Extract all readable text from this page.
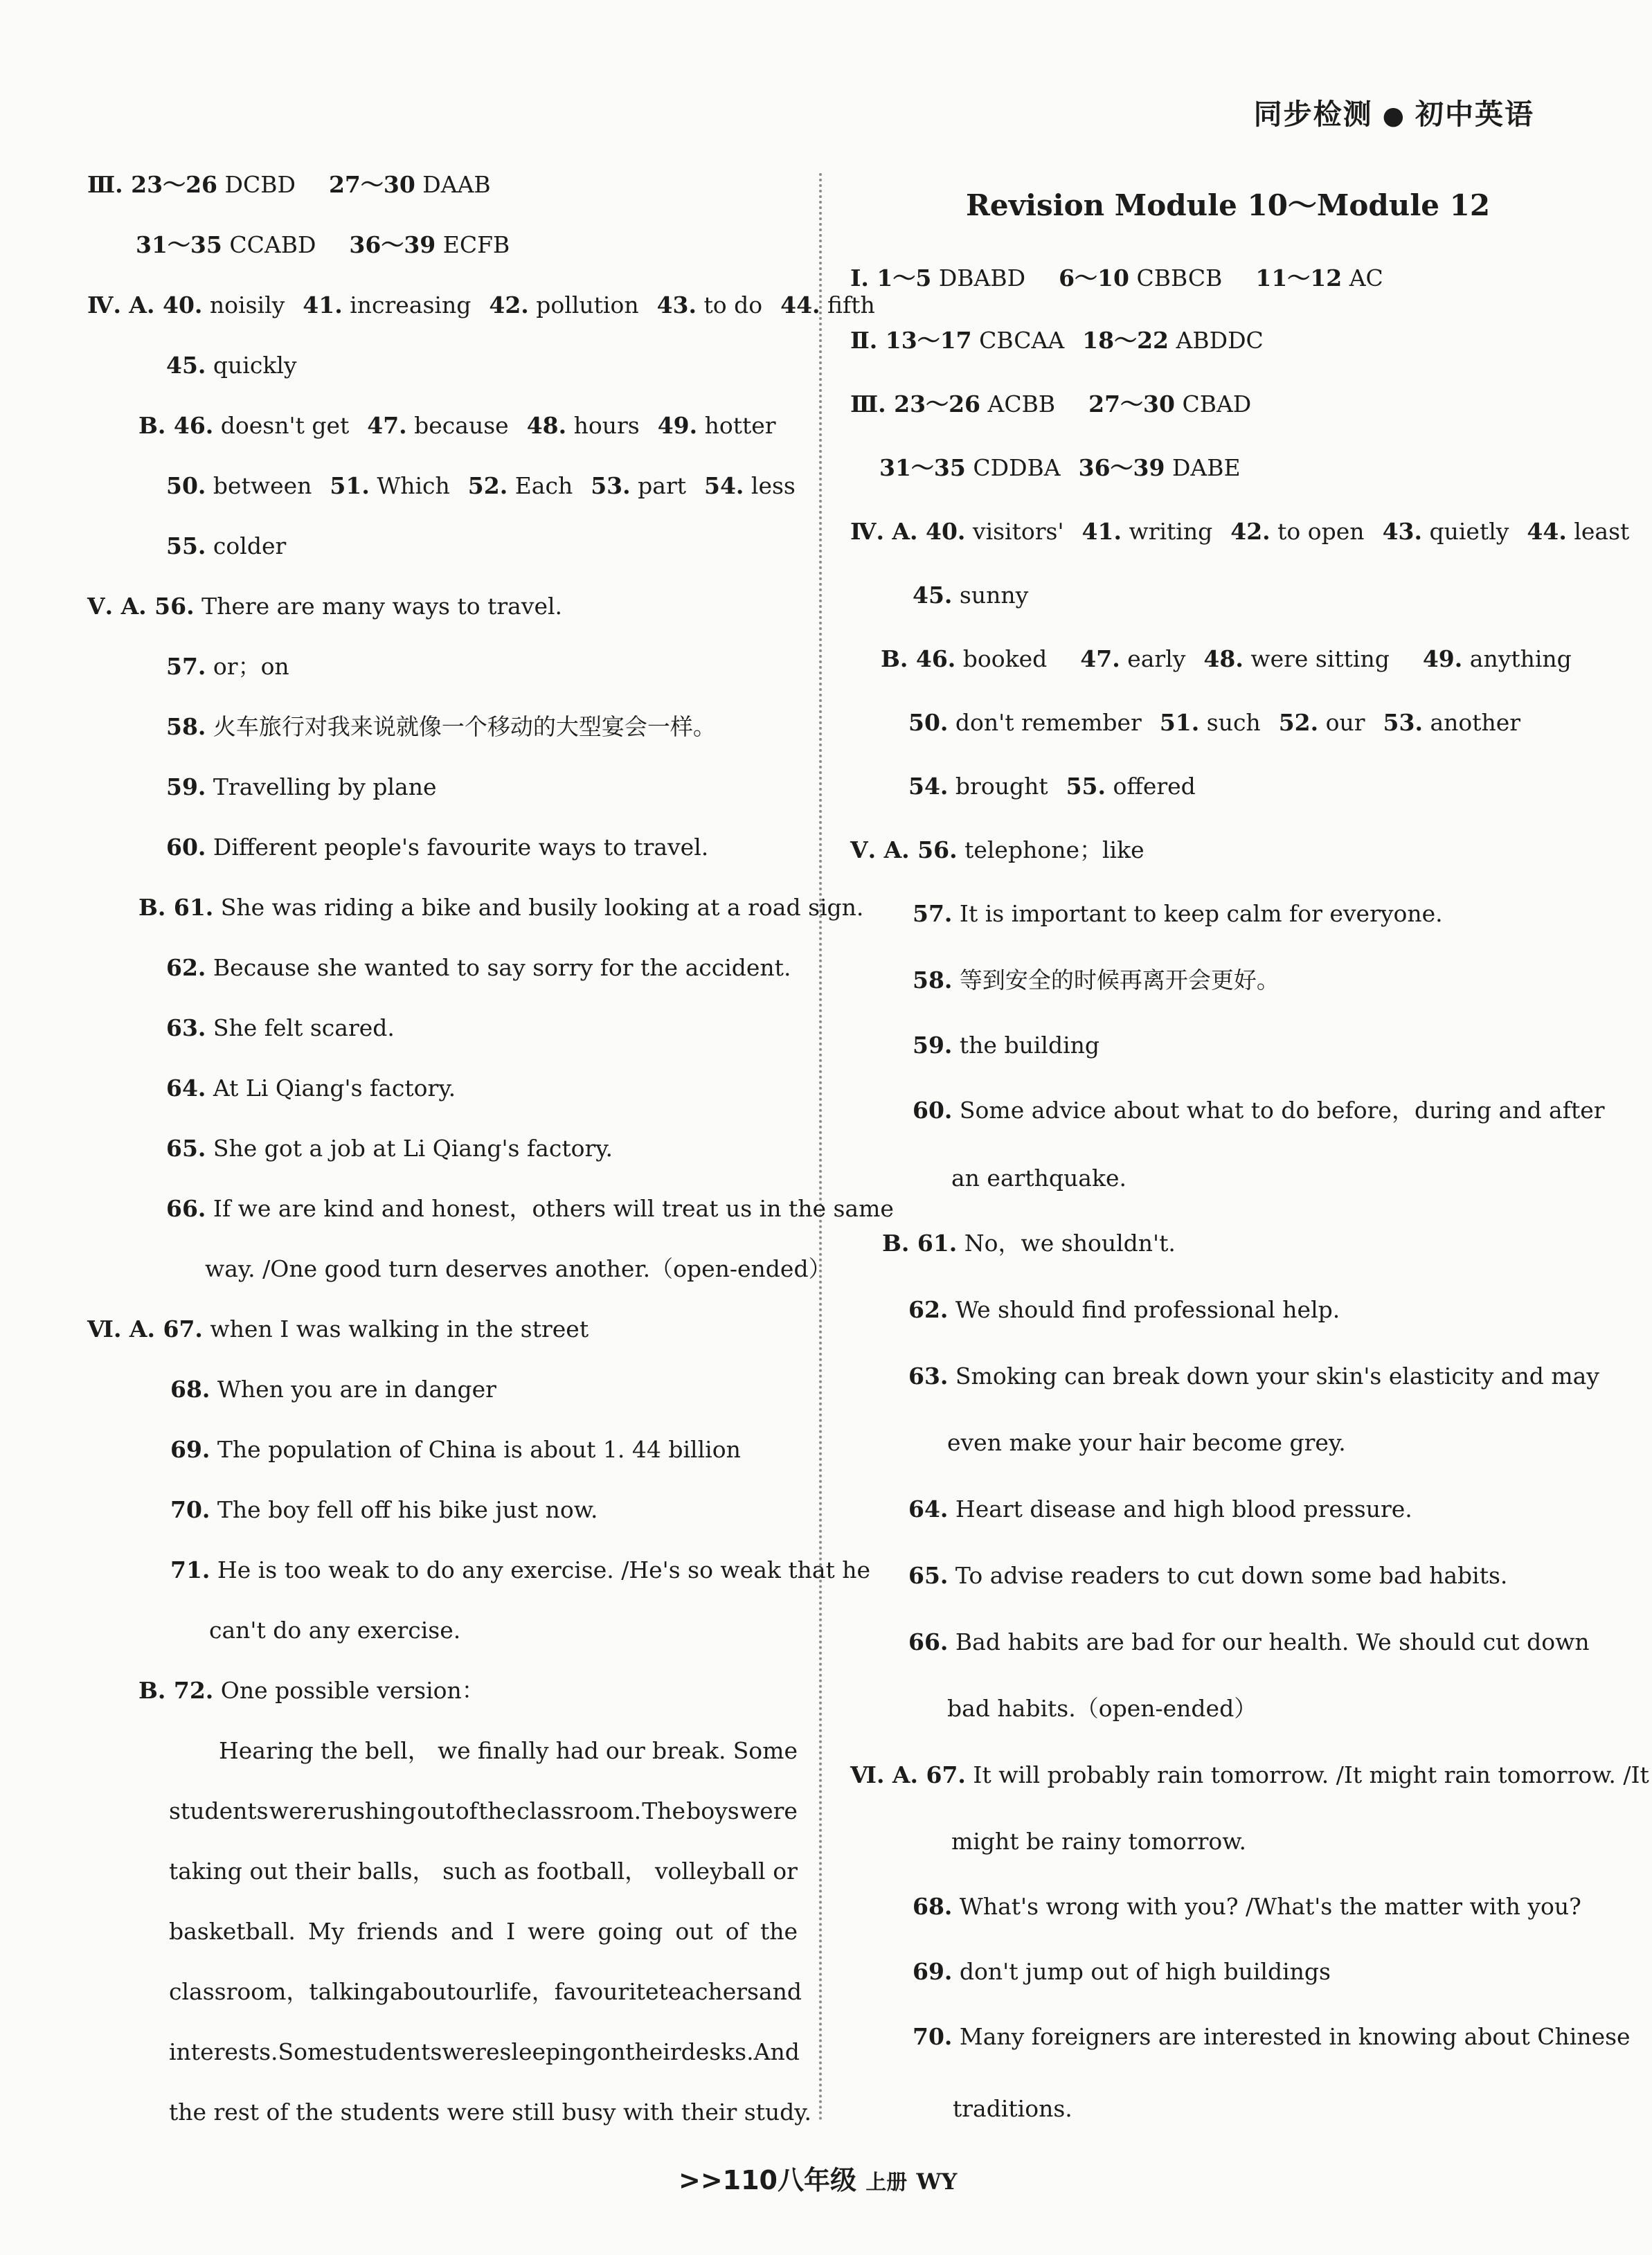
同步检测 ● 初中英语
Ⅲ. 23～26 DCBD 27～30 DAAB
31～35 CCABD 36～39 ECFB
Ⅳ. A. 40. noisily 41. increasing 42. pollution 43. to do 44. fifth
45. quickly
B. 46. doesn't get 47. because 48. hours 49. hotter
50. between 51. Which 52. Each 53. part 54. less
55. colder
Ⅴ. A. 56. There are many ways to travel.
57. or；on
58. 火车旅行对我来说就像一个移动的大型宴会一样。
59. Travelling by plane
60. Different people's favourite ways to travel.
B. 61. She was riding a bike and busily looking at a road sign.
62. Because she wanted to say sorry for the accident.
63. She felt scared.
64. At Li Qiang's factory.
65. She got a job at Li Qiang's factory.
66. If we are kind and honest，others will treat us in the same
way. /One good turn deserves another.（open-ended）
Ⅵ. A. 67. when I was walking in the street
68. When you are in danger
69. The population of China is about 1. 44 billion
70. The boy fell off his bike just now.
71. He is too weak to do any exercise. /He's so weak that he
can't do any exercise.
B. 72. One possible version：
Hearing the bell， we finally had our break. Some
students were rushing out of the classroom. The boys were
taking out their balls， such as football， volleyball or
basketball. My friends and I were going out of the
classroom， talking about our life， favourite teachers and
interests. Some students were sleeping on their desks. And
the rest of the students were still busy with their study.
Revision Module 10～Module 12
Ⅰ. 1～5 DBABD 6～10 CBBCB 11～12 AC
Ⅱ. 13～17 CBCAA 18～22 ABDDC
Ⅲ. 23～26 ACBB 27～30 CBAD
31～35 CDDBA 36～39 DABE
Ⅳ. A. 40. visitors' 41. writing 42. to open 43. quietly 44. least
45. sunny
B. 46. booked 47. early 48. were sitting 49. anything
50. don't remember 51. such 52. our 53. another
54. brought 55. offered
Ⅴ. A. 56. telephone；like
57. It is important to keep calm for everyone.
58. 等到安全的时候再离开会更好。
59. the building
60. Some advice about what to do before，during and after
an earthquake.
B. 61. No，we shouldn't.
62. We should find professional help.
63. Smoking can break down your skin's elasticity and may
even make your hair become grey.
64. Heart disease and high blood pressure.
65. To advise readers to cut down some bad habits.
66. Bad habits are bad for our health. We should cut down
bad habits.（open-ended）
Ⅵ. A. 67. It will probably rain tomorrow. /It might rain tomorrow. /It
might be rainy tomorrow.
68. What's wrong with you? /What's the matter with you?
69. don't jump out of high buildings
70. Many foreigners are interested in knowing about Chinese
traditions.
>>110八年级 上册 WY
